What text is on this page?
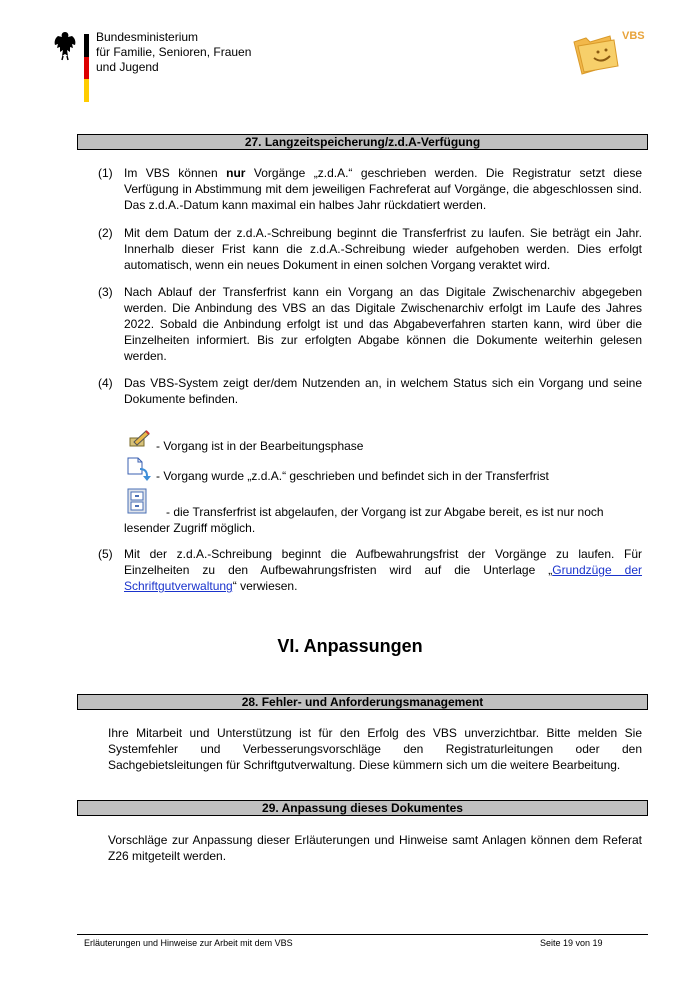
Bundesministerium
für Familie, Senioren, Frauen
und Jugend
VBS
27. Langzeitspeicherung/z.d.A-Verfügung
(1) Im VBS können nur Vorgänge „z.d.A.“ geschrieben werden. Die Registratur setzt diese Verfügung in Abstimmung mit dem jeweiligen Fachreferat auf Vorgänge, die abgeschlossen sind. Das z.d.A.-Datum kann maximal ein halbes Jahr rückdatiert werden.
(2) Mit dem Datum der z.d.A.-Schreibung beginnt die Transferfrist zu laufen. Sie beträgt ein Jahr. Innerhalb dieser Frist kann die z.d.A.-Schreibung wieder aufgehoben werden. Dies erfolgt automatisch, wenn ein neues Dokument in einen solchen Vorgang veraktet wird.
(3) Nach Ablauf der Transferfrist kann ein Vorgang an das Digitale Zwischenarchiv abgegeben werden. Die Anbindung des VBS an das Digitale Zwischenarchiv erfolgt im Laufe des Jahres 2022. Sobald die Anbindung erfolgt ist und das Abgabeverfahren starten kann, wird über die Einzelheiten informiert. Bis zur erfolgten Abgabe können die Dokumente weiterhin gelesen werden.
(4) Das VBS-System zeigt der/dem Nutzenden an, in welchem Status sich ein Vorgang und seine Dokumente befinden.
- Vorgang ist in der Bearbeitungsphase
- Vorgang wurde „z.d.A.“ geschrieben und befindet sich in der Transferfrist
- die Transferfrist ist abgelaufen, der Vorgang ist zur Abgabe bereit, es ist nur noch
lesender Zugriff möglich.
(5) Mit der z.d.A.-Schreibung beginnt die Aufbewahrungsfrist der Vorgänge zu laufen. Für Einzelheiten zu den Aufbewahrungsfristen wird auf die Unterlage „Grundzüge der Schriftgutverwaltung“ verwiesen.
VI. Anpassungen
28. Fehler- und Anforderungsmanagement
Ihre Mitarbeit und Unterstützung ist für den Erfolg des VBS unverzichtbar. Bitte melden Sie Systemfehler und Verbesserungsvorschläge den Registraturleitungen oder den Sachgebietsleitungen für Schriftgutverwaltung. Diese kümmern sich um die weitere Bearbeitung.
29. Anpassung dieses Dokumentes
Vorschläge zur Anpassung dieser Erläuterungen und Hinweise samt Anlagen können dem Referat Z26 mitgeteilt werden.
Erläuterungen und Hinweise zur Arbeit mit dem VBS	Seite 19 von 19
